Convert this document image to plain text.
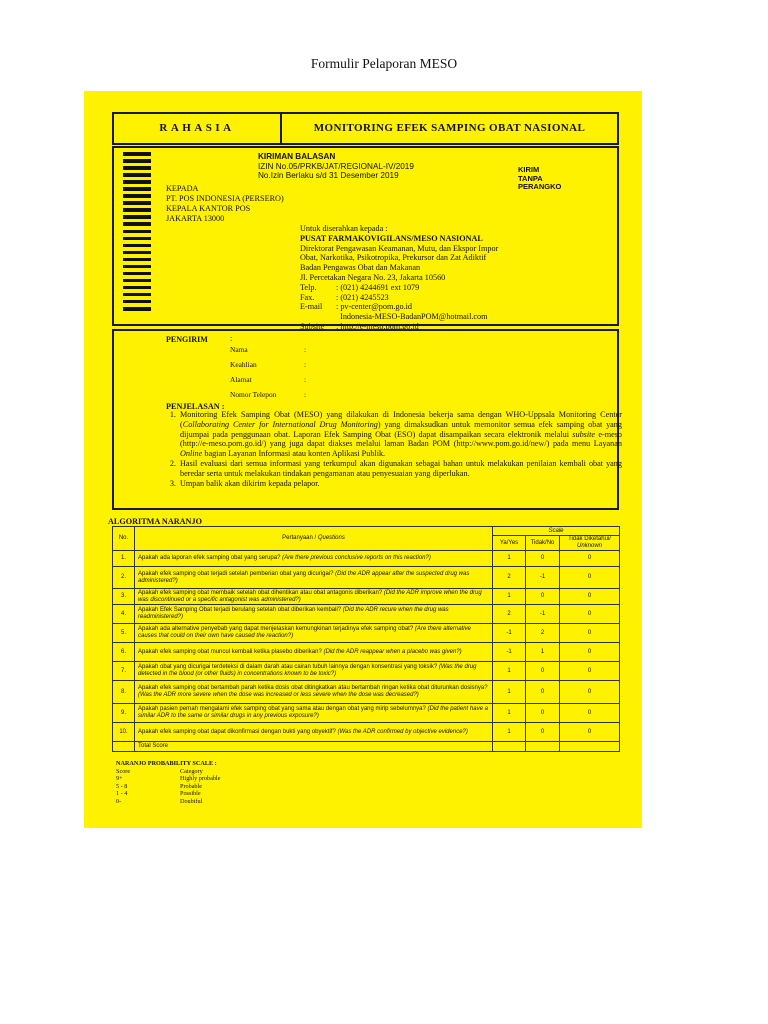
Formulir Pelaporan MESO
RAHASIA	MONITORING EFEK SAMPING OBAT NASIONAL
KIRIMAN BALASAN
IZIN No.05/PRKB/JAT/REGIONAL-IV/2019
No.Izin Berlaku s/d 31 Desember 2019
KIRIM
TANPA
PERANGKO
KEPADA
PT. POS INDONESIA (PERSERO)
KEPALA KANTOR POS
JAKARTA 13000
Untuk diserahkan kepada :
PUSAT FARMAKOVIGILANS/MESO NASIONAL
Direktorat Pengawasan Keamanan, Mutu, dan Ekspor Impor
Obat, Narkotika, Psikotropika, Prekursor dan Zat Adiktif
Badan Pengawas Obat dan Makanan
Jl. Percetakan Negara No. 23, Jakarta 10560
Telp. : (021) 4244691 ext 1079
Fax.	: (021) 4245523
E-mail : pv-center@pom.go.id
Indonesia-MESO-BadanPOM@hotmail.com
Subsite : http://e-meso.pom.go.id
PENGIRIM	:
Nama	:
Keahlian	:
Alamat	:
Nomor Telepon	:
PENJELASAN :
1. Monitoring Efek Samping Obat (MESO) yang dilakukan di Indonesia bekerja sama dengan WHO-Uppsala Monitoring Center (Collaborating Center for International Drug Monitoring) yang dimaksudkan untuk memonitor semua efek samping obat yang dijumpai pada penggunaan obat. Laporan Efek Samping Obat (ESO) dapat disampaikan secara elektronik melalui subsite e-meso (http://e-meso.pom.go.id/) yang juga dapat diakses melalui laman Badan POM (http://www.pom.go.id/new/) pada menu Layanan Online bagian Layanan Informasi atau konten Aplikasi Publik.
2. Hasil evaluasi dari semua informasi yang terkumpul akan digunakan sebagai bahan untuk melakukan penilaian kembali obat yang beredar serta untuk melakukan tindakan pengamanan atau penyesuaian yang diperlukan.
3. Umpan balik akan dikirim kepada pelapor.
ALGORITMA NARANJO
No.	Pertanyaan / Questions	Scale		
		Ya/Yes	Tidak/No	Tidak Diketahui/
Unknown
1.	Apakah ada laporan efek samping obat yang serupa? (Are there previous conclusive reports on this reaction?)	1	0	0
2.	Apakah efek samping obat terjadi setelah pemberian obat yang dicurigai? (Did the ADR appear after the suspected drug was administered?)	2	-1	0
3.	Apakah efek samping obat membaik setelah obat dihentikan atau obat antagonis diberikan? (Did the ADR improve when the drug was discontinued or a specific antagonist was administered?)	1	0	0
4.	Apakah Efek Samping Obat terjadi berulang setelah obat diberikan kembali? (Did the ADR recure when the drug was readministered?)	2	-1	0
5.	Apakah ada alternative penyebab yang dapat menjelaskan kemungkinan terjadinya efek samping obat? (Are there alternative causes that could on their own have caused the reaction?)	-1	2	0
6.	Apakah efek samping obat muncul kembali ketika plasebo diberikan? (Did the ADR reappear when a placebo was given?)	-1	1	0
7.	Apakah obat yang dicurigai terdeteksi di dalam darah atau cairan tubuh lainnya dengan konsentrasi yang toksik? (Was the drug detected in the blood (or other fluids) in concentrations known to be toxic?)	1	0	0
8.	Apakah efek samping obat bertambah parah ketika dosis obat ditingkatkan atau bertambah ringan ketika obat diturunkan dosisnya? (Was the ADR more severe when the dose was increased or less severe when the dose was decreased?)	1	0	0
9.	Apakah pasien pernah mengalami efek samping obat yang sama atau dengan obat yang mirip sebelumnya? (Did the patient have a similar ADR to the same or similar drugs in any previous exposure?)	1	0	0
10.	Apakah efek samping obat dapat dikonfirmasi dengan bukti yang obyektif? (Was the ADR confirmed by objective evidence?)	1	0	0
	Total Score			
NARANJO PROBABILITY SCALE :
Score	Category
9+	Highly probable
5 - 8	Probable
1 - 4	Possible
0-	Doubtful
